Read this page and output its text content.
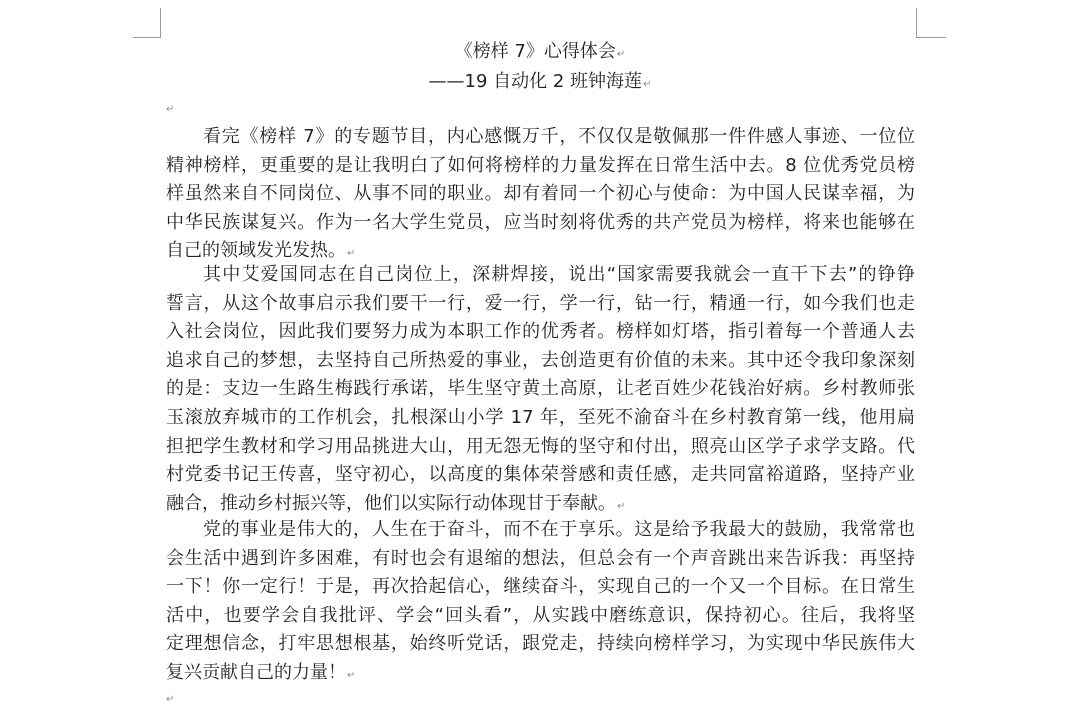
《榜样 7》心得体会↵
——19 自动化 2 班钟海莲↵
↵
看完《榜样 7》的专题节目，内心感慨万千，不仅仅是敬佩那一件件感人事迹、一位位
精神榜样，更重要的是让我明白了如何将榜样的力量发挥在日常生活中去。8 位优秀党员榜
样虽然来自不同岗位、从事不同的职业。却有着同一个初心与使命：为中国人民谋幸福，为
中华民族谋复兴。作为一名大学生党员，应当时刻将优秀的共产党员为榜样，将来也能够在
自己的领域发光发热。↵
其中艾爱国同志在自己岗位上，深耕焊接，说出“国家需要我就会一直干下去”的铮铮
誓言，从这个故事启示我们要干一行，爱一行，学一行，钻一行，精通一行，如今我们也走
入社会岗位，因此我们要努力成为本职工作的优秀者。榜样如灯塔，指引着每一个普通人去
追求自己的梦想，去坚持自己所热爱的事业，去创造更有价值的未来。其中还令我印象深刻
的是：支边一生路生梅践行承诺，毕生坚守黄土高原，让老百姓少花钱治好病。乡村教师张
玉滚放弃城市的工作机会，扎根深山小学 17 年，至死不渝奋斗在乡村教育第一线，他用扁
担把学生教材和学习用品挑进大山，用无怨无悔的坚守和付出，照亮山区学子求学支路。代
村党委书记王传喜，坚守初心，以高度的集体荣誉感和责任感，走共同富裕道路，坚持产业
融合，推动乡村振兴等，他们以实际行动体现甘于奉献。↵
党的事业是伟大的，人生在于奋斗，而不在于享乐。这是给予我最大的鼓励，我常常也
会生活中遇到许多困难，有时也会有退缩的想法，但总会有一个声音跳出来告诉我：再坚持
一下！你一定行！于是，再次拾起信心，继续奋斗，实现自己的一个又一个目标。在日常生
活中，也要学会自我批评、学会“回头看”，从实践中磨练意识，保持初心。往后，我将坚
定理想信念，打牢思想根基，始终听党话，跟党走，持续向榜样学习，为实现中华民族伟大
复兴贡献自己的力量！↵
↵
